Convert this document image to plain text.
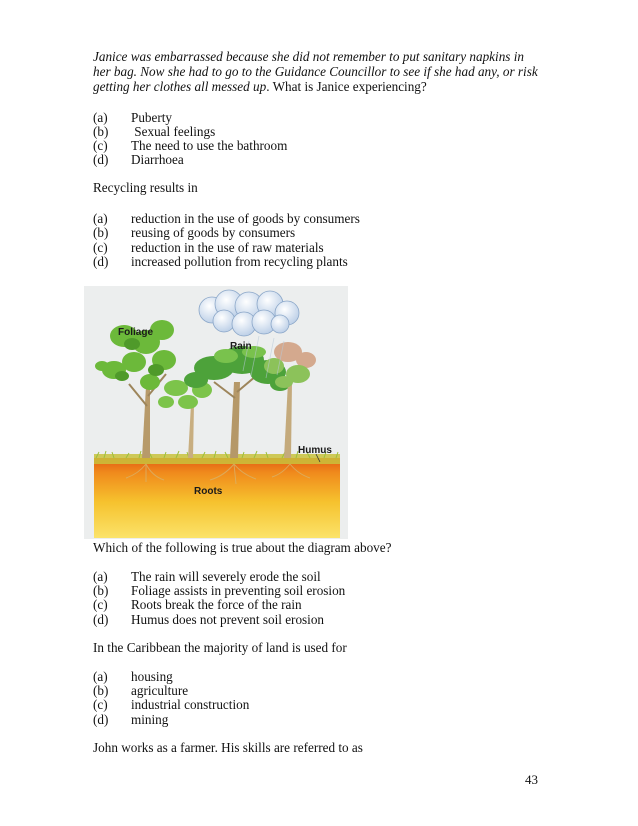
Janice was embarrassed because she did not remember to put sanitary napkins in
her bag. Now she had to go to the Guidance Councillor to see if she had any, or risk
getting her clothes all messed up. What is Janice experiencing?
(a) Puberty
(b) Sexual feelings
(c) The need to use the bathroom
(d) Diarrhoea
Recycling results in
(a) reduction in the use of goods by consumers
(b) reusing of goods by consumers
(c) reduction in the use of raw materials
(d) increased pollution from recycling plants
Foliage
Rain
Humus
Roots
Which of the following is true about the diagram above?
(a) The rain will severely erode the soil
(b) Foliage assists in preventing soil erosion
(c) Roots break the force of the rain
(d) Humus does not prevent soil erosion
In the Caribbean the majority of land is used for
(a) housing
(b) agriculture
(c) industrial construction
(d) mining
John works as a farmer. His skills are referred to as
43
